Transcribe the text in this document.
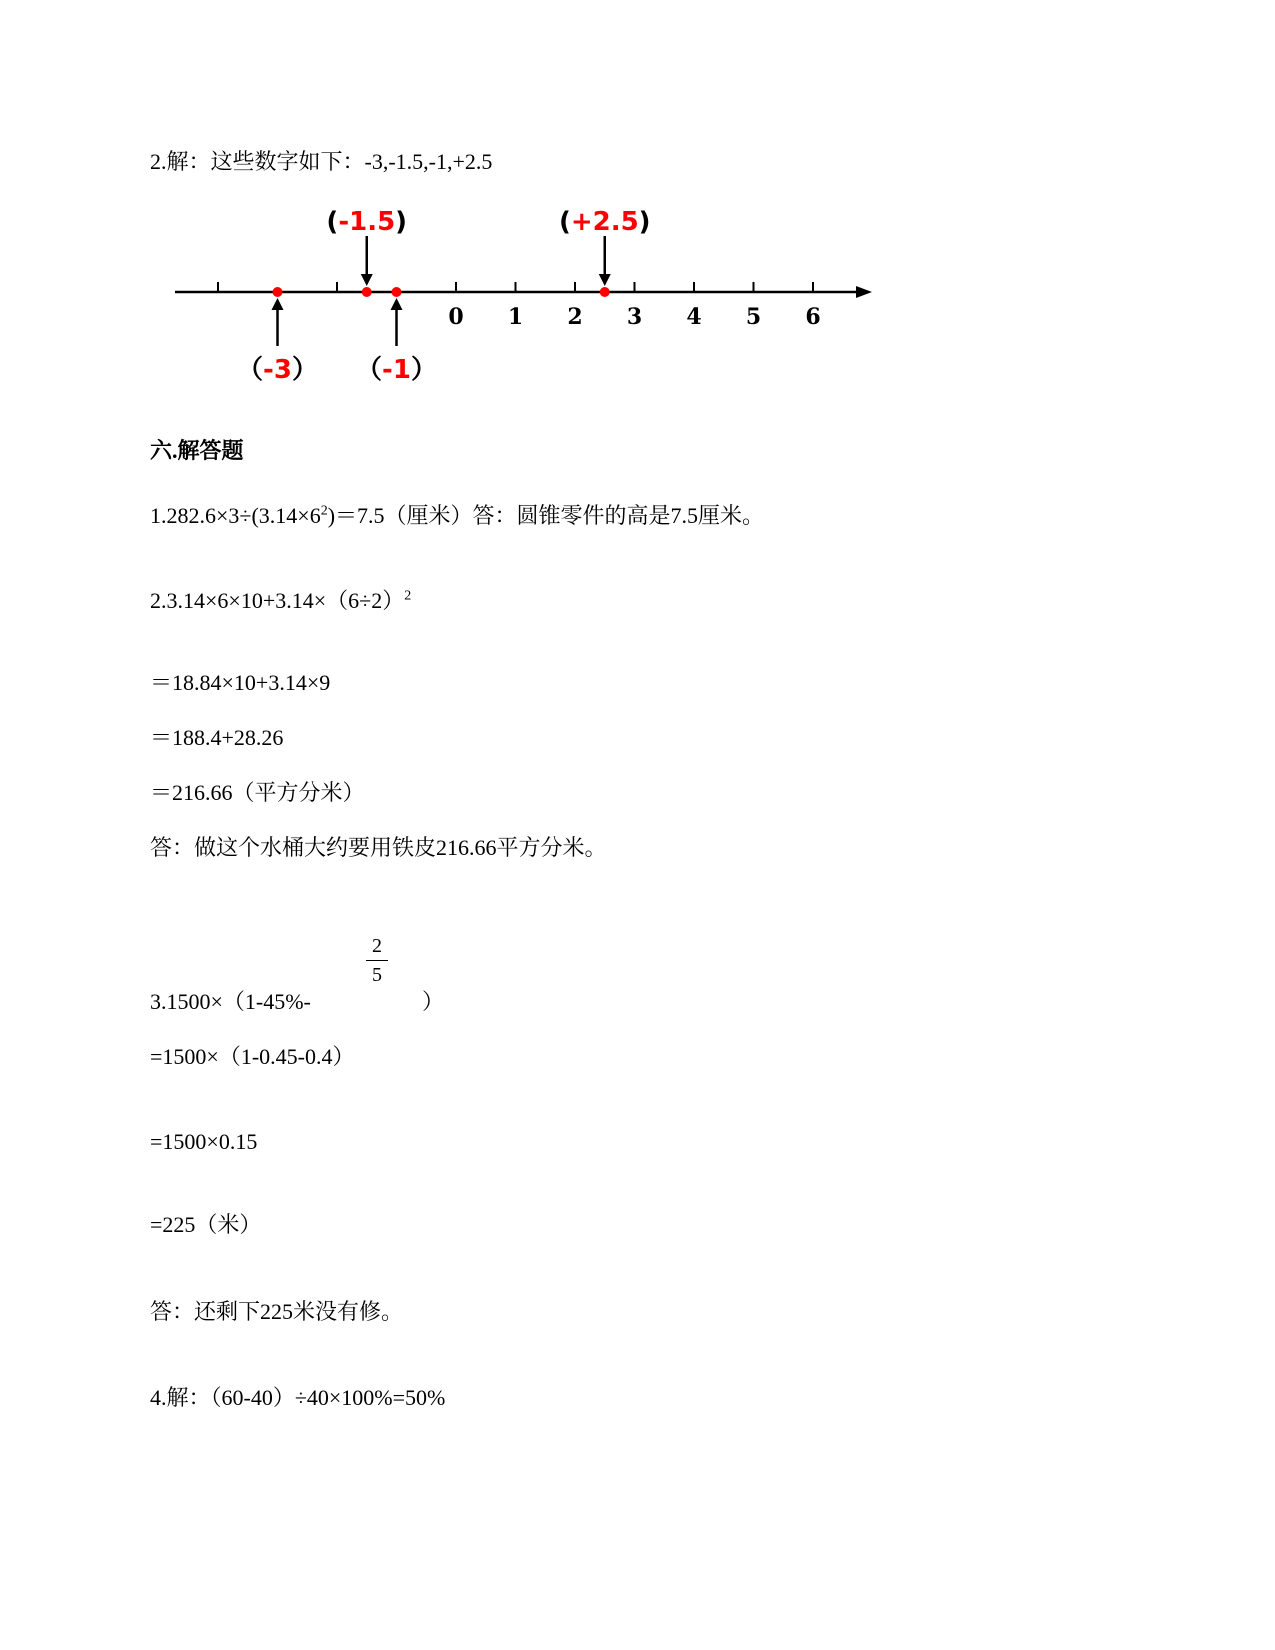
2.解：这些数字如下：-3,-1.5,-1,+2.5
0 1 2 3 4 5 6
（-3）
(-1.5)
（-1）
(+2.5)
六.解答题
$1.282.6\times 3\div(3.14\times 6^2)=7.5$（厘米）答：圆锥零件的高是7.5厘米。
$2.3.14\times 6\times 10+3.14\times(6\div 2)^2$
＝18.84×10+3.14×9
＝188.4+28.26
＝216.66（平方分米）
答：做这个水桶大约要用铁皮216.66平方分米。
2
5
3.1500×（1-45%-	）
=1500×（1-0.45-0.4）
=1500×0.15
=225（米）
答：还剩下225米没有修。
4.解：（60-40）÷40×100%=50%
